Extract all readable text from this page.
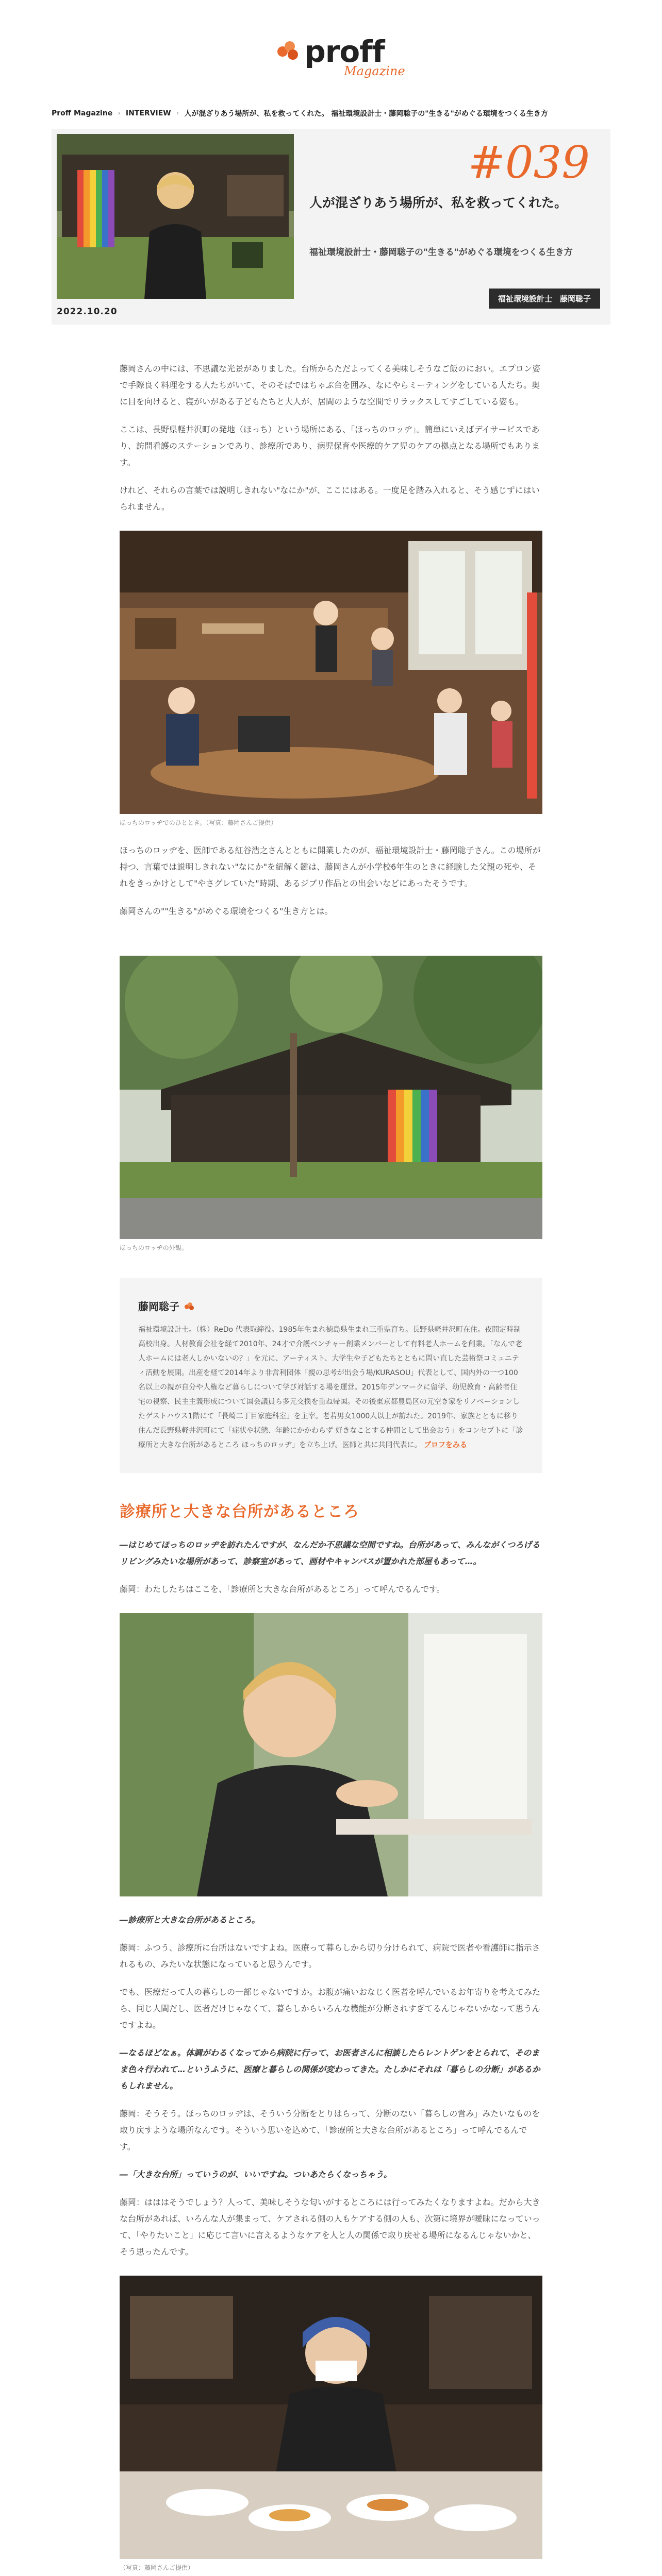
proff
Magazine
Proff Magazine › INTERVIEW › 人が混ざりあう場所が、私を救ってくれた。 福祉環境設計士・藤岡聡子の"生きる"がめぐる環境をつくる生き方
#039
人が混ざりあう場所が、私を救ってくれた。
福祉環境設計士・藤岡聡子の"生きる"がめぐる環境をつくる生き方
福祉環境設計士　藤岡聡子
2022.10.20

藤岡さんの中には、不思議な光景がありました。台所からただよってくる美味しそうなご飯のにおい。エプロン姿で手際良く料理をする人たちがいて、そのそばではちゃぶ台を囲み、なにやらミーティングをしている人たち。奥に目を向けると、寝がいがある子どもたちと大人が、居間のような空間でリラックスしてすごしている姿も。

ここは、長野県軽井沢町の発地（ほっち）という場所にある、「ほっちのロッヂ」。簡単にいえばデイサービスであり、訪問看護のステーションであり、診療所であり、病児保育や医療的ケア児のケアの拠点となる場所でもあります。

けれど、それらの言葉では説明しきれない"なにか"が、ここにはある。一度足を踏み入れると、そう感じずにはいられません。

ほっちのロッヂでのひととき。（写真：藤岡さんご提供）

ほっちのロッヂを、医師である紅谷浩之さんとともに開業したのが、福祉環境設計士・藤岡聡子さん。この場所が持つ、言葉では説明しきれない"なにか"を紐解く鍵は、藤岡さんが小学校6年生のときに経験した父親の死や、それをきっかけとして"やさグレていた"時期、あるジブリ作品との出会いなどにあったそうです。

藤岡さんの""生きる"がめぐる環境をつくる"生き方とは。

ほっちのロッヂの外観。
藤岡聡子
福祉環境設計士。（株）ReDo 代表取締役。1985年生まれ徳島県生まれ三重県育ち。長野県軽井沢町在住。夜間定時制高校出身。人材教育会社を経て2010年、24才で介護ベンチャー創業メンバーとして有料老人ホームを創業。「なんで老人ホームには老人しかいないの？」を元に、アーティスト、大学生や子どもたちとともに問い直した芸術祭コミュニティ活動を展開。出産を経て2014年より非営利団体「親の思考が出会う場/KURASOU」代表として、国内外の一つ100名以上の親が自分や人権など暮らしについて学び対話する場を運営。2015年デンマークに留学、幼児教育・高齢者住宅の視察、民主主義形成について国会議員ら多元交換を重ね帰国。その後東京都豊島区の元空き家をリノベーションしたゲストハウス1階にて「長崎二丁目家庭科室」を主宰。老若男女1000人以上が訪れた。2019年、家族とともに移り住んだ長野県軽井沢町にて「症状や状態、年齢にかかわらず 好きなことする仲間として出会おう」をコンセプトに「診療所と大きな台所があるところ ほっちのロッヂ」を立ち上げ。医師と共に共同代表に。 プロフをみる
診療所と大きな台所があるところ

―はじめてほっちのロッヂを訪れたんですが、なんだか不思議な空間ですね。台所があって、みんながくつろげるリビングみたいな場所があって、診察室があって、画材やキャンバスが置かれた部屋もあって…。

藤岡：わたしたちはここを、「診療所と大きな台所があるところ」って呼んでるんです。

―診療所と大きな台所があるところ。

藤岡：ふつう、診療所に台所はないですよね。医療って暮らしから切り分けられて、病院で医者や看護師に指示されるもの、みたいな状態になっていると思うんです。

でも、医療だって人の暮らしの一部じゃないですか。お腹が痛いおなじく医者を呼んでいるお年寄りを考えてみたら、同じ人間だし、医者だけじゃなくて、暮らしからいろんな機能が分断されすぎてるんじゃないかなって思うんですよね。

―なるほどなぁ。体調がわるくなってから病院に行って、お医者さんに相談したらレントゲンをとられて、そのまま色々行われて…というふうに、医療と暮らしの関係が変わってきた。たしかにそれは「暮らしの分断」があるかもしれません。

藤岡：そうそう。ほっちのロッヂは、そういう分断をとりはらって、分断のない「暮らしの営み」みたいなものを取り戻すような場所なんです。そういう思いを込めて、「診療所と大きな台所があるところ」って呼んでるんです。

―「大きな台所」っていうのが、いいですね。ついあたらくなっちゃう。

藤岡：はははそうでしょう？人って、美味しそうな匂いがするところには行ってみたくなりますよね。だから大きな台所があれば、いろんな人が集まって、ケアされる側の人もケアする側の人も、次第に境界が曖昧になっていって、「やりたいこと」に応じて言いに言えるようなケアを人と人の関係で取り戻せる場所になるんじゃないかと、そう思ったんです。

（写真：藤岡さんご提供）
